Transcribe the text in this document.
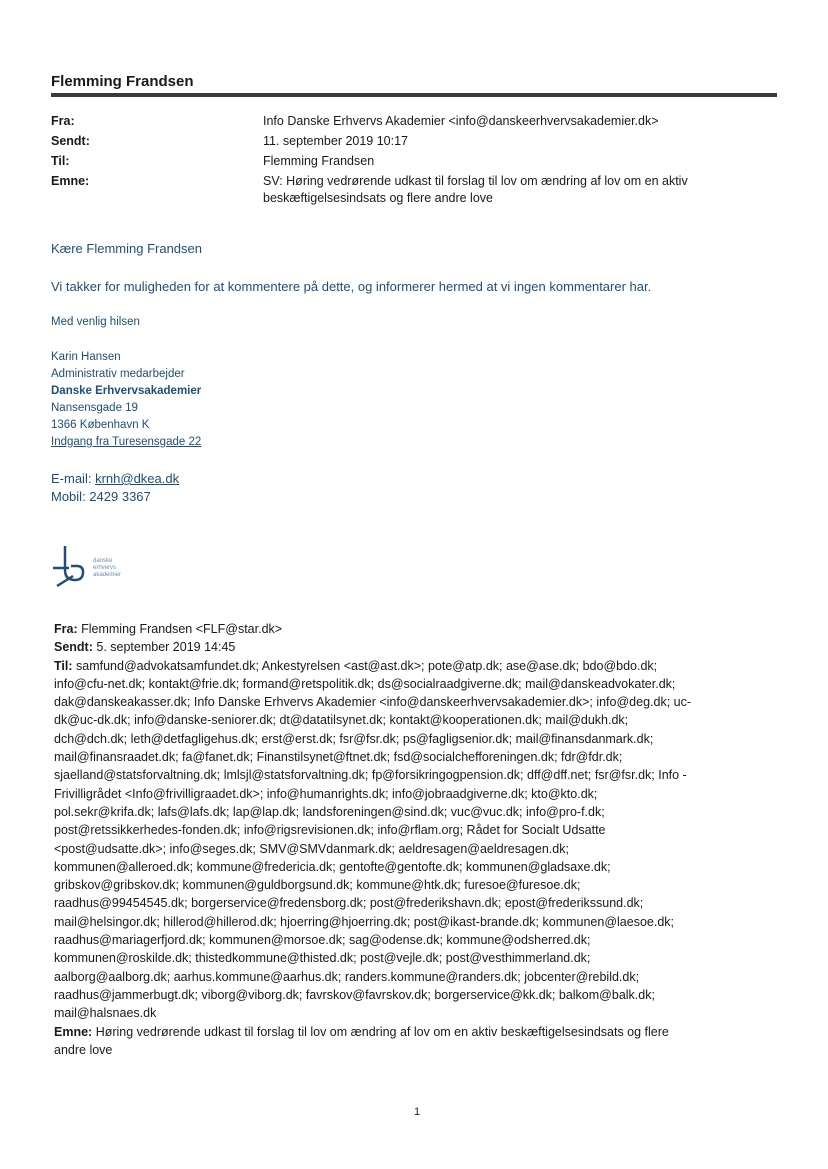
Flemming Frandsen
Fra:	Info Danske Erhvervs Akademier <info@danskeerhvervsakademier.dk>
Sendt:	11. september 2019 10:17
Til:	Flemming Frandsen
Emne:	SV: Høring vedrørende udkast til forslag til lov om ændring af lov om en aktiv beskæftigelsesindsats og flere andre love
Kære Flemming Frandsen
Vi takker for muligheden for at kommentere på dette, og informerer hermed at vi ingen kommentarer har.
Med venlig hilsen
Karin Hansen
Administrativ medarbejder
Danske Erhvervsakademier
Nansensgade 19
1366 København K
Indgang fra Turesensgade 22
E-mail: krnh@dkea.dk
Mobil: 2429 3367
danske
erhvervs
akademier
Fra: Flemming Frandsen <FLF@star.dk>
Sendt: 5. september 2019 14:45
Til: samfund@advokatsamfundet.dk; Ankestyrelsen <ast@ast.dk>; pote@atp.dk; ase@ase.dk; bdo@bdo.dk;
info@cfu-net.dk; kontakt@frie.dk; formand@retspolitik.dk; ds@socialraadgiverne.dk; mail@danskeadvokater.dk;
dak@danskeakasser.dk; Info Danske Erhvervs Akademier <info@danskeerhvervsakademier.dk>; info@deg.dk; uc-
dk@uc-dk.dk; info@danske-seniorer.dk; dt@datatilsynet.dk; kontakt@kooperationen.dk; mail@dukh.dk;
dch@dch.dk; leth@detfagligehus.dk; erst@erst.dk; fsr@fsr.dk; ps@fagligsenior.dk; mail@finansdanmark.dk;
mail@finansraadet.dk; fa@fanet.dk; Finanstilsynet@ftnet.dk; fsd@socialchefforeningen.dk; fdr@fdr.dk;
sjaelland@statsforvaltning.dk; lmlsjl@statsforvaltning.dk; fp@forsikringogpension.dk; dff@dff.net; fsr@fsr.dk; Info -
Frivilligrådet <Info@frivilligraadet.dk>; info@humanrights.dk; info@jobraadgiverne.dk; kto@kto.dk;
pol.sekr@krifa.dk; lafs@lafs.dk; lap@lap.dk; landsforeningen@sind.dk; vuc@vuc.dk; info@pro-f.dk;
post@retssikkerhedes-fonden.dk; info@rigsrevisionen.dk; info@rflam.org; Rådet for Socialt Udsatte
<post@udsatte.dk>; info@seges.dk; SMV@SMVdanmark.dk; aeldresagen@aeldresagen.dk;
kommunen@alleroed.dk; kommune@fredericia.dk; gentofte@gentofte.dk; kommunen@gladsaxe.dk;
gribskov@gribskov.dk; kommunen@guldborgsund.dk; kommune@htk.dk; furesoe@furesoe.dk;
raadhus@99454545.dk; borgerservice@fredensborg.dk; post@frederikshavn.dk; epost@frederikssund.dk;
mail@helsingor.dk; hillerod@hillerod.dk; hjoerring@hjoerring.dk; post@ikast-brande.dk; kommunen@laesoe.dk;
raadhus@mariagerfjord.dk; kommunen@morsoe.dk; sag@odense.dk; kommune@odsherred.dk;
kommunen@roskilde.dk; thistedkommune@thisted.dk; post@vejle.dk; post@vesthimmerland.dk;
aalborg@aalborg.dk; aarhus.kommune@aarhus.dk; randers.kommune@randers.dk; jobcenter@rebild.dk;
raadhus@jammerbugt.dk; viborg@viborg.dk; favrskov@favrskov.dk; borgerservice@kk.dk; balkom@balk.dk;
mail@halsnaes.dk
Emne: Høring vedrørende udkast til forslag til lov om ændring af lov om en aktiv beskæftigelsesindsats og flere
andre love
1
